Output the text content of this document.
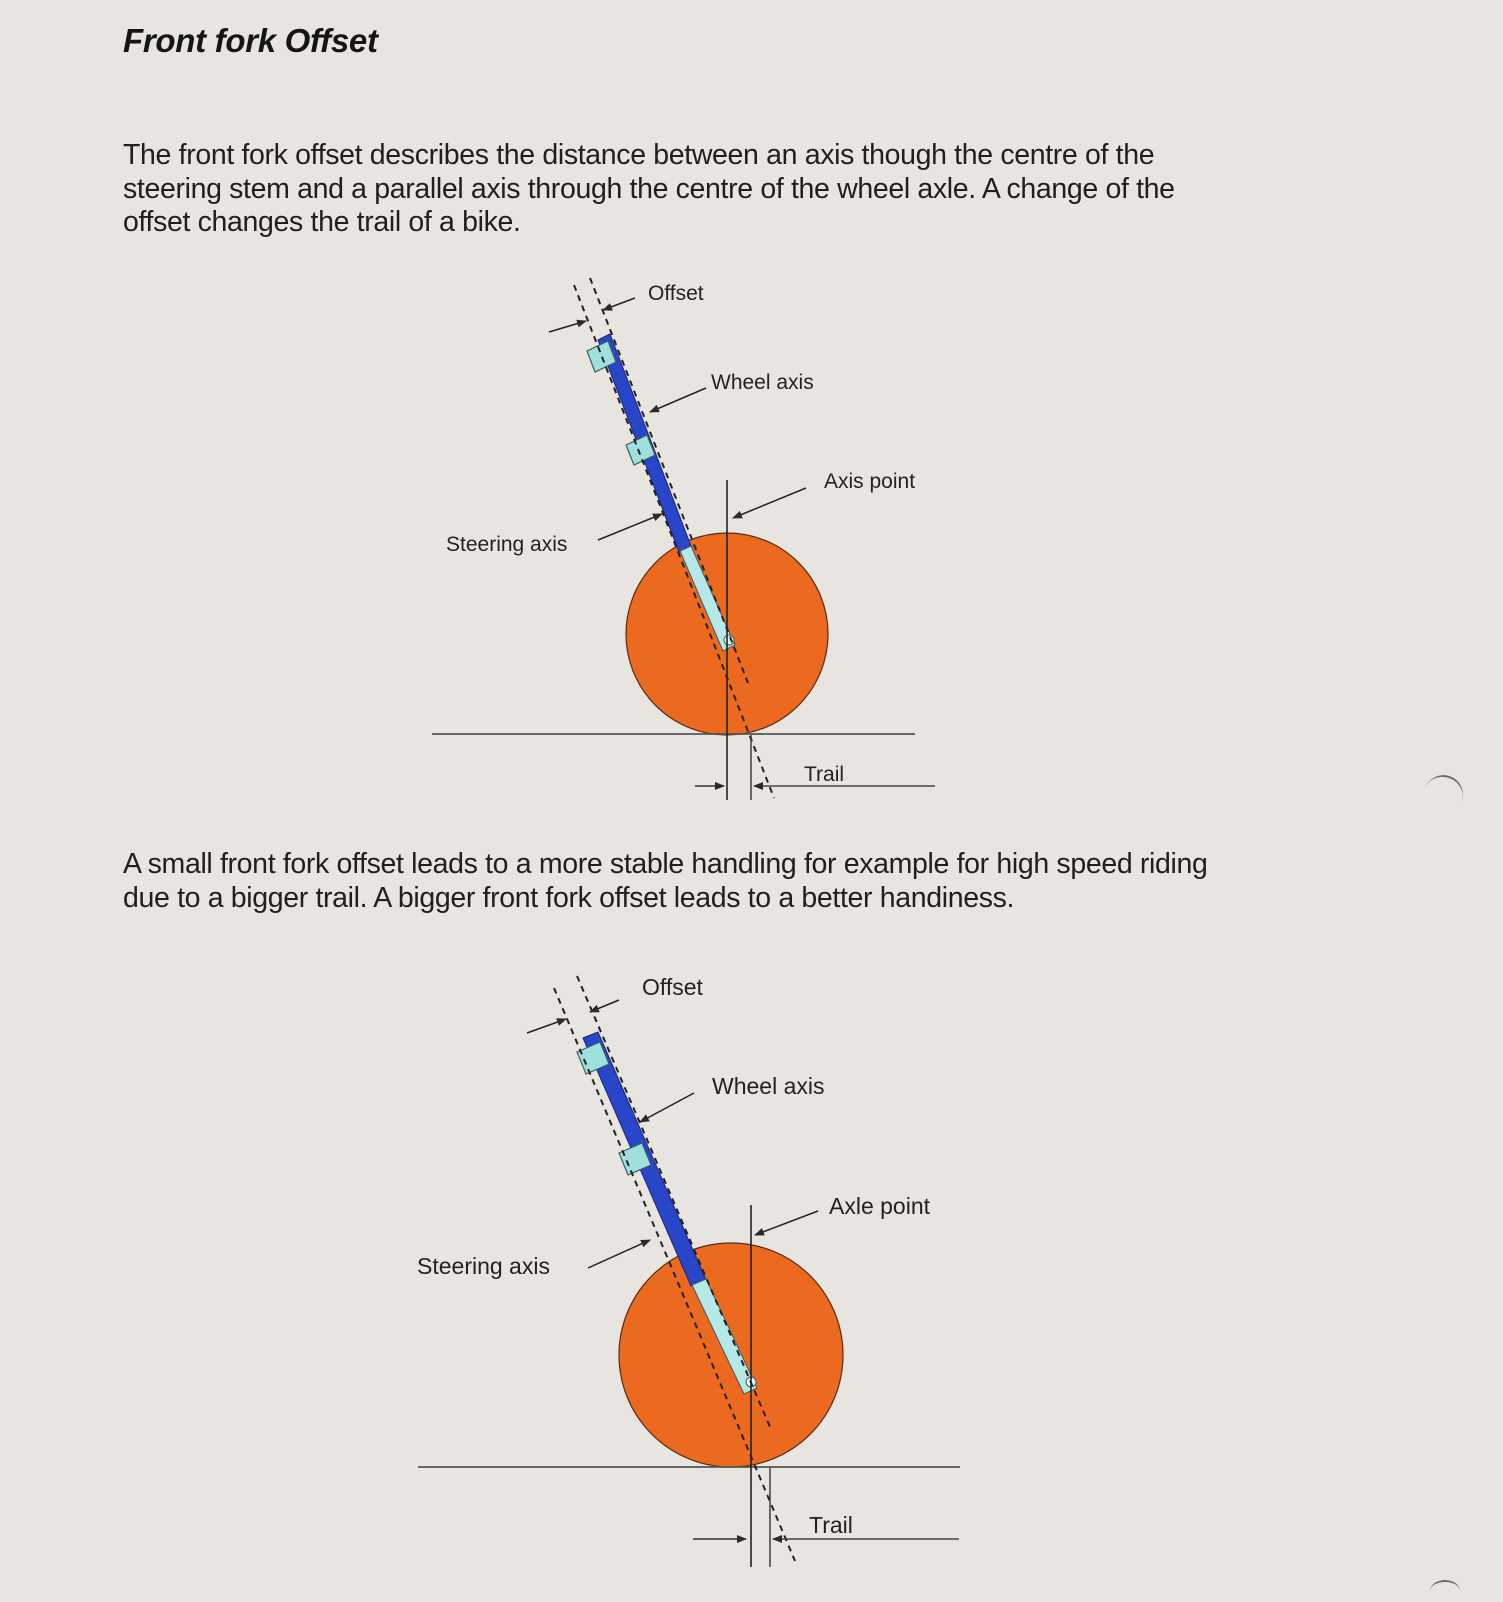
Front fork Offset
The front fork offset describes the distance between an axis though the centre of the steering stem and a parallel axis through the centre of the wheel axle. A change of the offset changes the trail of a bike.
Offset
Wheel axis
Axis point
Steering axis
Trail
Offset
Wheel axis
Axle point
Steering axis
Trail
A small front fork offset leads to a more stable handling for example for high speed riding due to a bigger trail. A bigger front fork offset leads to a better handiness.
